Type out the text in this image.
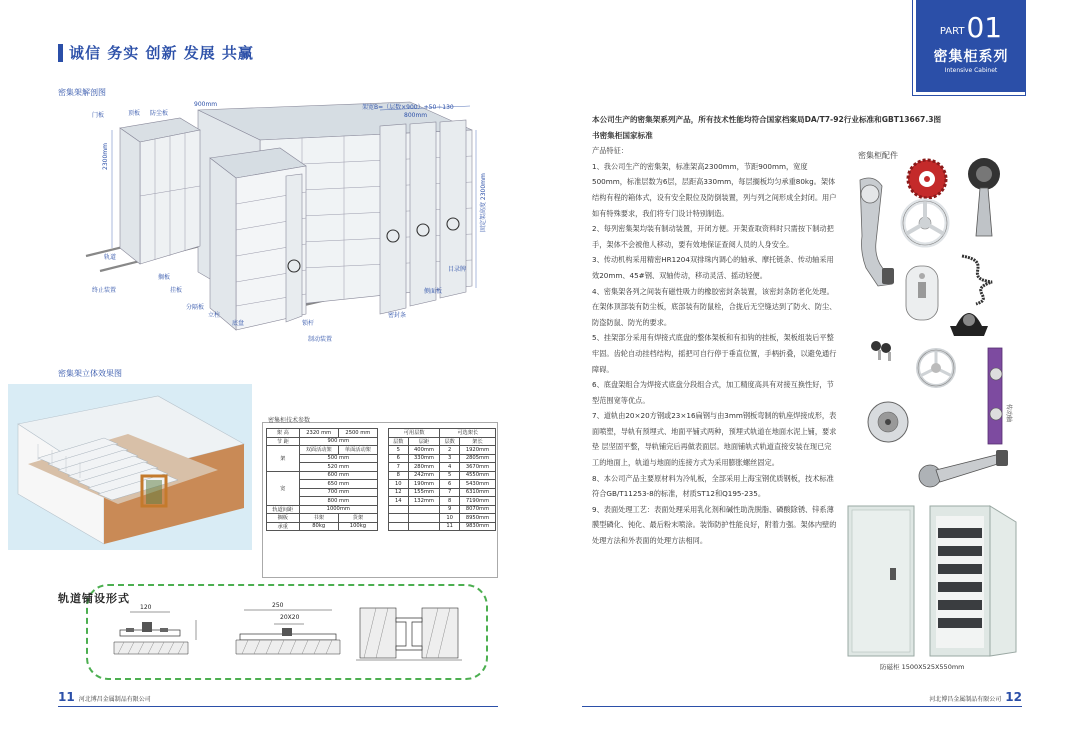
诚信 务实 创新 发展 共赢
密集架解剖图
门板	顶板 防尘板
2300mm
架宽B=（层数×900）+50＋130
800mm
900mm
固定架高度 2300mm
轨道
终止装置
搁板
挂板
分隔板
立柱
底盘	锁杆
制动装置
密封条
侧面板
目录牌
密集架立体效果图
密集柜技术参数
架 高	2320 mm	2500 mm
节 距	900 mm	
架	双面活动架	单面活动架
	500 mm	
	520 mm	
宽	600 mm	
	650 mm	
	700 mm	
	800 mm	
轨道间距	1000mm	
搁板	书架	货架
承重	80kg	100kg
可用层数		可选架长	
层数	层距	层数	架长
5	400mm	2	1920mm
6	330mm	3	2805mm
7	280mm	4	3670mm
8	242mm	5	4550mm
10	190mm	6	5430mm
12	155mm	7	6310mm
14	132mm	8	7190mm
		9	8070mm
		10	8950mm
		11	9830mm
轨道铺设形式
120	250
20X20
11 河北博昌金属制品有限公司
PART 01
密集柜系列
Intensive Cabinet

本公司生产的密集架系列产品，所有技术性能均符合国家档案局DA/T7-92行业标准和GBT13667.3图

书密集柜国家标准

产品特征：

1、我公司生产的密集架，标准架高2300mm，节距900mm，宽度500mm，标准层数为6层，层距高330mm，每层搁板均匀承重80kg。架体结构有程的箱体式，设有安全限位及防倒装置，列与列之间形成全封闭。用户如有特殊要求，我们将专门设计特别制造。

2、每列密集架均装有制动装置，开闭方便。开架查取资料时只需按下制动把手，架体不会被他人移动，要有效地保证查阅人员的人身安全。

3、传动机构采用精密HR1204双排珠内调心的轴承、摩托链条、传动轴采用效20mm、45#钢、双轴传动，移动灵活、摇动轻便。

4、密集架各列之间装有磁性吸力的橡胶密封条装置，该密封条防老化处理。在架体顶部装有防尘板，底部装有防鼠栓，合拢后无空缝达到了防火、防尘、防盗防鼠、防光的要求。

5、挂架部分采用有焊接式底盘的整体架板和有扣钩的挂板，架板组装后平整牢固。齿轮自动挂档结构，摇把可自行停于垂直位置，手柄折叠，以避免通行障碍。

6、底盘架组合为焊接式底盘分段组合式，加工精度高具有对接互换性好，节型范围宽等优点。

7、道轨由20×20方钢或23×16扁钢与由3mm钢板弯制的轨座焊接成形，表面喷塑，导轨有预埋式、地面平铺式两种，预埋式轨道在地面水泥上铺，要求垫 层坚固平整，导轨铺完后再做表面层。地面铺轨式轨道直接安装在现已完工的地面上，轨道与地面的连接方式为采用膨胀螺丝固定。

8、本公司产品主要原材料为冷轧板，全部采用上海宝钢优质钢板，技术标准符合GB/T11253-8的标准，材质ST12和Q195-235。

9、表面处理工艺：表面处理采用乳化剂和碱性助洗脱脂、磷酸除锈、锌系薄膜型磷化、钝化、最后粉末喷涂。装饰防护性能良好，附着力强。架体内壁的处理方法和外表面的处理方法相同。

密集柜配件
传动轴
防磁柜 1500X525X550mm
河北博昌金属制品有限公司 12
